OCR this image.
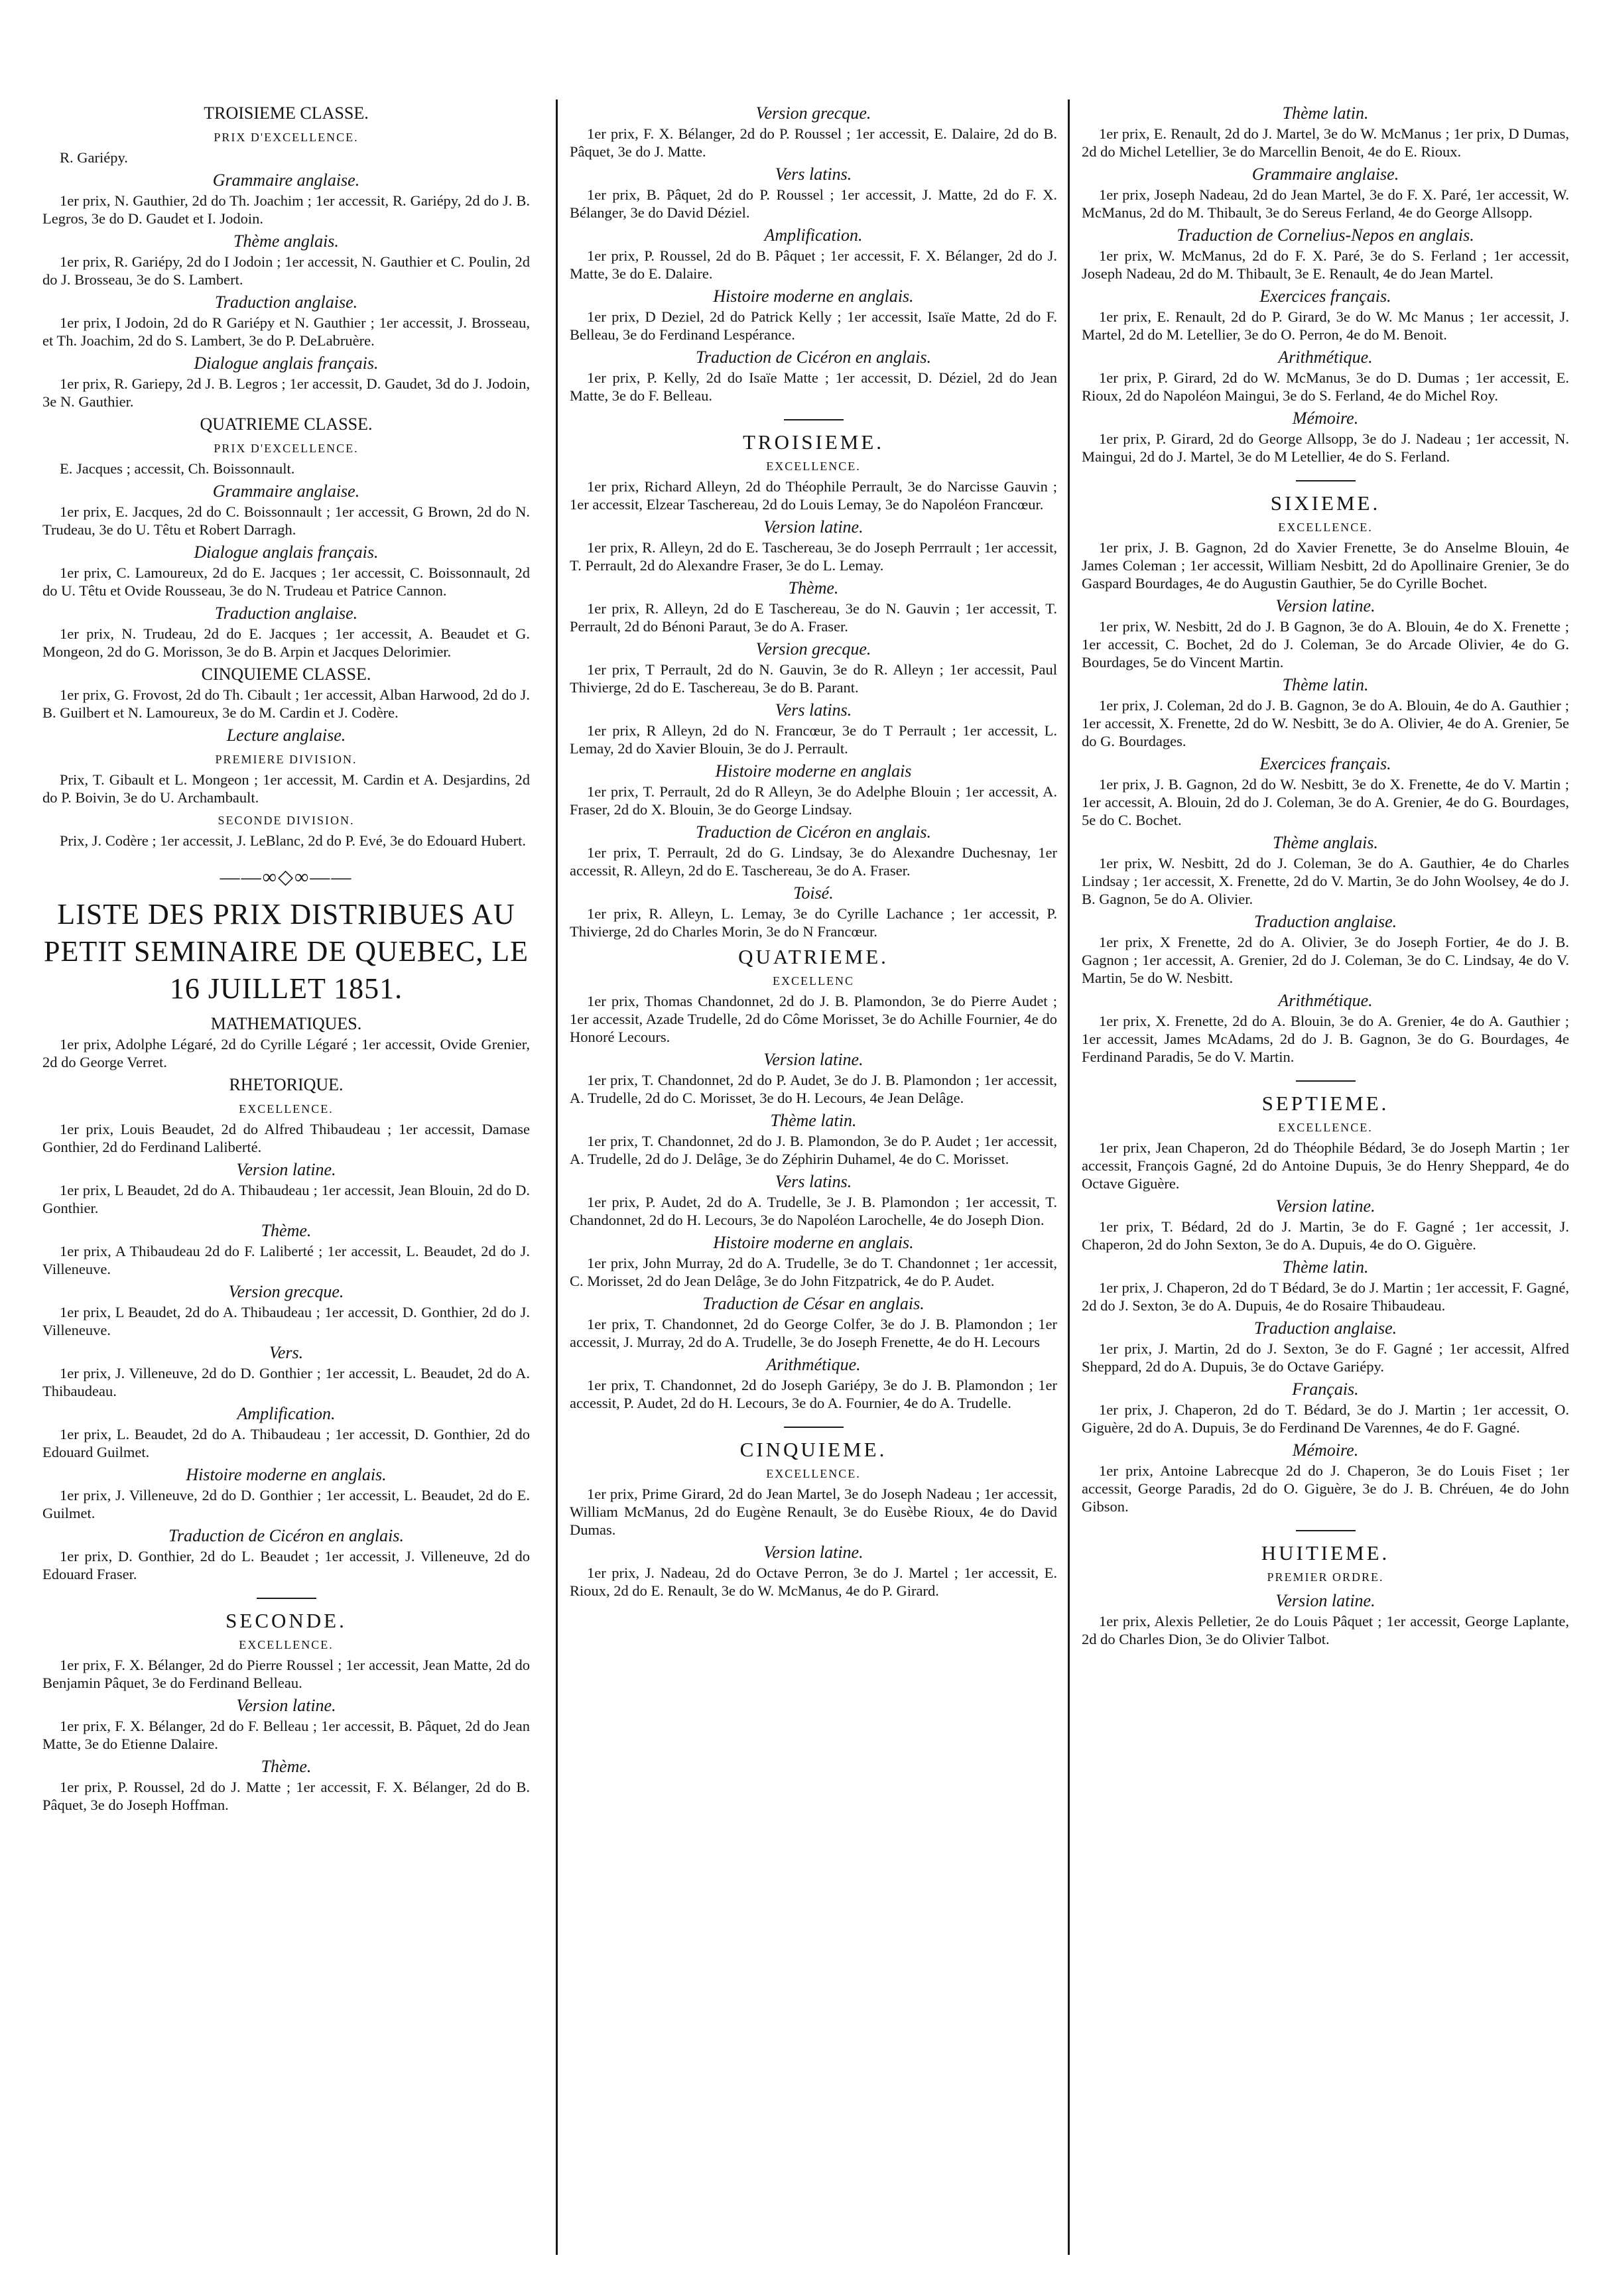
TROISIEME CLASSE.
PRIX D'EXCELLENCE.

R. Gariépy.

Grammaire anglaise.

1er prix, N. Gauthier, 2d do Th. Joachim ; 1er accessit, R. Gariépy, 2d do J. B. Legros, 3e do D. Gaudet et I. Jodoin.

Thème anglais.

1er prix, R. Gariépy, 2d do I Jodoin ; 1er accessit, N. Gauthier et C. Poulin, 2d do J. Brosseau, 3e do S. Lambert.

Traduction anglaise.

1er prix, I Jodoin, 2d do R Gariépy et N. Gauthier ; 1er accessit, J. Brosseau, et Th. Joachim, 2d do S. Lambert, 3e do P. DeLabruère.

Dialogue anglais français.

1er prix, R. Gariepy, 2d J. B. Legros ; 1er accessit, D. Gaudet, 3d do J. Jodoin, 3e N. Gauthier.

QUATRIEME CLASSE.
PRIX D'EXCELLENCE.

E. Jacques ; accessit, Ch. Boissonnault.

Grammaire anglaise.

1er prix, E. Jacques, 2d do C. Boissonnault ; 1er accessit, G Brown, 2d do N. Trudeau, 3e do U. Têtu et Robert Darragh.

Dialogue anglais français.

1er prix, C. Lamoureux, 2d do E. Jacques ; 1er accessit, C. Boissonnault, 2d do U. Têtu et Ovide Rousseau, 3e do N. Trudeau et Patrice Cannon.

Traduction anglaise.

1er prix, N. Trudeau, 2d do E. Jacques ; 1er accessit, A. Beaudet et G. Mongeon, 2d do G. Morisson, 3e do B. Arpin et Jacques Delorimier.

CINQUIEME CLASSE.

1er prix, G. Frovost, 2d do Th. Cibault ; 1er accessit, Alban Harwood, 2d do J. B. Guilbert et N. Lamoureux, 3e do M. Cardin et J. Codère.

Lecture anglaise.
PREMIERE DIVISION.

Prix, T. Gibault et L. Mongeon ; 1er accessit, M. Cardin et A. Desjardins, 2d do P. Boivin, 3e do U. Archambault.

SECONDE DIVISION.

Prix, J. Codère ; 1er accessit, J. LeBlanc, 2d do P. Evé, 3e do Edouard Hubert.

——∞◇∞——
LISTE DES PRIX DISTRIBUES AU PETIT SEMINAIRE DE QUEBEC, LE 16 JUILLET 1851.
MATHEMATIQUES.

1er prix, Adolphe Légaré, 2d do Cyrille Légaré ; 1er accessit, Ovide Grenier, 2d do George Verret.

RHETORIQUE.
EXCELLENCE.

1er prix, Louis Beaudet, 2d do Alfred Thibaudeau ; 1er accessit, Damase Gonthier, 2d do Ferdinand Laliberté.

Version latine.

1er prix, L Beaudet, 2d do A. Thibaudeau ; 1er accessit, Jean Blouin, 2d do D. Gonthier.

Thème.

1er prix, A Thibaudeau 2d do F. Laliberté ; 1er accessit, L. Beaudet, 2d do J. Villeneuve.

Version grecque.

1er prix, L Beaudet, 2d do A. Thibaudeau ; 1er accessit, D. Gonthier, 2d do J. Villeneuve.

Vers.

1er prix, J. Villeneuve, 2d do D. Gonthier ; 1er accessit, L. Beaudet, 2d do A. Thibaudeau.

Amplification.

1er prix, L. Beaudet, 2d do A. Thibaudeau ; 1er accessit, D. Gonthier, 2d do Edouard Guilmet.

Histoire moderne en anglais.

1er prix, J. Villeneuve, 2d do D. Gonthier ; 1er accessit, L. Beaudet, 2d do E. Guilmet.

Traduction de Cicéron en anglais.

1er prix, D. Gonthier, 2d do L. Beaudet ; 1er accessit, J. Villeneuve, 2d do Edouard Fraser.

SECONDE.
EXCELLENCE.

1er prix, F. X. Bélanger, 2d do Pierre Roussel ; 1er accessit, Jean Matte, 2d do Benjamin Pâquet, 3e do Ferdinand Belleau.

Version latine.

1er prix, F. X. Bélanger, 2d do F. Belleau ; 1er accessit, B. Pâquet, 2d do Jean Matte, 3e do Etienne Dalaire.

Thème.

1er prix, P. Roussel, 2d do J. Matte ; 1er accessit, F. X. Bélanger, 2d do B. Pâquet, 3e do Joseph Hoffman.

Version grecque.

1er prix, F. X. Bélanger, 2d do P. Roussel ; 1er accessit, E. Dalaire, 2d do B. Pâquet, 3e do J. Matte.

Vers latins.

1er prix, B. Pâquet, 2d do P. Roussel ; 1er accessit, J. Matte, 2d do F. X. Bélanger, 3e do David Déziel.

Amplification.

1er prix, P. Roussel, 2d do B. Pâquet ; 1er accessit, F. X. Bélanger, 2d do J. Matte, 3e do E. Dalaire.

Histoire moderne en anglais.

1er prix, D Deziel, 2d do Patrick Kelly ; 1er accessit, Isaïe Matte, 2d do F. Belleau, 3e do Ferdinand Lespérance.

Traduction de Cicéron en anglais.

1er prix, P. Kelly, 2d do Isaïe Matte ; 1er accessit, D. Déziel, 2d do Jean Matte, 3e do F. Belleau.

TROISIEME.
EXCELLENCE.

1er prix, Richard Alleyn, 2d do Théophile Perrault, 3e do Narcisse Gauvin ; 1er accessit, Elzear Taschereau, 2d do Louis Lemay, 3e do Napoléon Francœur.

Version latine.

1er prix, R. Alleyn, 2d do E. Taschereau, 3e do Joseph Perrrault ; 1er accessit, T. Perrault, 2d do Alexandre Fraser, 3e do L. Lemay.

Thème.

1er prix, R. Alleyn, 2d do E Taschereau, 3e do N. Gauvin ; 1er accessit, T. Perrault, 2d do Bénoni Paraut, 3e do A. Fraser.

Version grecque.

1er prix, T Perrault, 2d do N. Gauvin, 3e do R. Alleyn ; 1er accessit, Paul Thivierge, 2d do E. Taschereau, 3e do B. Parant.

Vers latins.

1er prix, R Alleyn, 2d do N. Francœur, 3e do T Perrault ; 1er accessit, L. Lemay, 2d do Xavier Blouin, 3e do J. Perrault.

Histoire moderne en anglais

1er prix, T. Perrault, 2d do R Alleyn, 3e do Adelphe Blouin ; 1er accessit, A. Fraser, 2d do X. Blouin, 3e do George Lindsay.

Traduction de Cicéron en anglais.

1er prix, T. Perrault, 2d do G. Lindsay, 3e do Alexandre Duchesnay, 1er accessit, R. Alleyn, 2d do E. Taschereau, 3e do A. Fraser.

Toisé.

1er prix, R. Alleyn, L. Lemay, 3e do Cyrille Lachance ; 1er accessit, P. Thivierge, 2d do Charles Morin, 3e do N Francœur.

QUATRIEME.
EXCELLENC

1er prix, Thomas Chandonnet, 2d do J. B. Plamondon, 3e do Pierre Audet ; 1er accessit, Azade Trudelle, 2d do Côme Morisset, 3e do Achille Fournier, 4e do Honoré Lecours.

Version latine.

1er prix, T. Chandonnet, 2d do P. Audet, 3e do J. B. Plamondon ; 1er accessit, A. Trudelle, 2d do C. Morisset, 3e do H. Lecours, 4e Jean Delâge.

Thème latin.

1er prix, T. Chandonnet, 2d do J. B. Plamondon, 3e do P. Audet ; 1er accessit, A. Trudelle, 2d do J. Delâge, 3e do Zéphirin Duhamel, 4e do C. Morisset.

Vers latins.

1er prix, P. Audet, 2d do A. Trudelle, 3e J. B. Plamondon ; 1er accessit, T. Chandonnet, 2d do H. Lecours, 3e do Napoléon Larochelle, 4e do Joseph Dion.

Histoire moderne en anglais.

1er prix, John Murray, 2d do A. Trudelle, 3e do T. Chandonnet ; 1er accessit, C. Morisset, 2d do Jean Delâge, 3e do John Fitzpatrick, 4e do P. Audet.

Traduction de César en anglais.

1er prix, T. Chandonnet, 2d do George Colfer, 3e do J. B. Plamondon ; 1er accessit, J. Murray, 2d do A. Trudelle, 3e do Joseph Frenette, 4e do H. Lecours

Arithmétique.

1er prix, T. Chandonnet, 2d do Joseph Gariépy, 3e do J. B. Plamondon ; 1er accessit, P. Audet, 2d do H. Lecours, 3e do A. Fournier, 4e do A. Trudelle.

CINQUIEME.
EXCELLENCE.

1er prix, Prime Girard, 2d do Jean Martel, 3e do Joseph Nadeau ; 1er accessit, William McManus, 2d do Eugène Renault, 3e do Eusèbe Rioux, 4e do David Dumas.

Version latine.

1er prix, J. Nadeau, 2d do Octave Perron, 3e do J. Martel ; 1er accessit, E. Rioux, 2d do E. Renault, 3e do W. McManus, 4e do P. Girard.

Thème latin.

1er prix, E. Renault, 2d do J. Martel, 3e do W. McManus ; 1er prix, D Dumas, 2d do Michel Letellier, 3e do Marcellin Benoit, 4e do E. Rioux.

Grammaire anglaise.

1er prix, Joseph Nadeau, 2d do Jean Martel, 3e do F. X. Paré, 1er accessit, W. McManus, 2d do M. Thibault, 3e do Sereus Ferland, 4e do George Allsopp.

Traduction de Cornelius-Nepos en anglais.

1er prix, W. McManus, 2d do F. X. Paré, 3e do S. Ferland ; 1er accessit, Joseph Nadeau, 2d do M. Thibault, 3e E. Renault, 4e do Jean Martel.

Exercices français.

1er prix, E. Renault, 2d do P. Girard, 3e do W. Mc Manus ; 1er accessit, J. Martel, 2d do M. Letellier, 3e do O. Perron, 4e do M. Benoit.

Arithmétique.

1er prix, P. Girard, 2d do W. McManus, 3e do D. Dumas ; 1er accessit, E. Rioux, 2d do Napoléon Maingui, 3e do S. Ferland, 4e do Michel Roy.

Mémoire.

1er prix, P. Girard, 2d do George Allsopp, 3e do J. Nadeau ; 1er accessit, N. Maingui, 2d do J. Martel, 3e do M Letellier, 4e do S. Ferland.

SIXIEME.
EXCELLENCE.

1er prix, J. B. Gagnon, 2d do Xavier Frenette, 3e do Anselme Blouin, 4e James Coleman ; 1er accessit, William Nesbitt, 2d do Apollinaire Grenier, 3e do Gaspard Bourdages, 4e do Augustin Gauthier, 5e do Cyrille Bochet.

Version latine.

1er prix, W. Nesbitt, 2d do J. B Gagnon, 3e do A. Blouin, 4e do X. Frenette ; 1er accessit, C. Bochet, 2d do J. Coleman, 3e do Arcade Olivier, 4e do G. Bourdages, 5e do Vincent Martin.

Thème latin.

1er prix, J. Coleman, 2d do J. B. Gagnon, 3e do A. Blouin, 4e do A. Gauthier ; 1er accessit, X. Frenette, 2d do W. Nesbitt, 3e do A. Olivier, 4e do A. Grenier, 5e do G. Bourdages.

Exercices français.

1er prix, J. B. Gagnon, 2d do W. Nesbitt, 3e do X. Frenette, 4e do V. Martin ; 1er accessit, A. Blouin, 2d do J. Coleman, 3e do A. Grenier, 4e do G. Bourdages, 5e do C. Bochet.

Thème anglais.

1er prix, W. Nesbitt, 2d do J. Coleman, 3e do A. Gauthier, 4e do Charles Lindsay ; 1er accessit, X. Frenette, 2d do V. Martin, 3e do John Woolsey, 4e do J. B. Gagnon, 5e do A. Olivier.

Traduction anglaise.

1er prix, X Frenette, 2d do A. Olivier, 3e do Joseph Fortier, 4e do J. B. Gagnon ; 1er accessit, A. Grenier, 2d do J. Coleman, 3e do C. Lindsay, 4e do V. Martin, 5e do W. Nesbitt.

Arithmétique.

1er prix, X. Frenette, 2d do A. Blouin, 3e do A. Grenier, 4e do A. Gauthier ; 1er accessit, James McAdams, 2d do J. B. Gagnon, 3e do G. Bourdages, 4e Ferdinand Paradis, 5e do V. Martin.

SEPTIEME.
EXCELLENCE.

1er prix, Jean Chaperon, 2d do Théophile Bédard, 3e do Joseph Martin ; 1er accessit, François Gagné, 2d do Antoine Dupuis, 3e do Henry Sheppard, 4e do Octave Giguère.

Version latine.

1er prix, T. Bédard, 2d do J. Martin, 3e do F. Gagné ; 1er accessit, J. Chaperon, 2d do John Sexton, 3e do A. Dupuis, 4e do O. Giguère.

Thème latin.

1er prix, J. Chaperon, 2d do T Bédard, 3e do J. Martin ; 1er accessit, F. Gagné, 2d do J. Sexton, 3e do A. Dupuis, 4e do Rosaire Thibaudeau.

Traduction anglaise.

1er prix, J. Martin, 2d do J. Sexton, 3e do F. Gagné ; 1er accessit, Alfred Sheppard, 2d do A. Dupuis, 3e do Octave Gariépy.

Français.

1er prix, J. Chaperon, 2d do T. Bédard, 3e do J. Martin ; 1er accessit, O. Giguère, 2d do A. Dupuis, 3e do Ferdinand De Varennes, 4e do F. Gagné.

Mémoire.

1er prix, Antoine Labrecque 2d do J. Chaperon, 3e do Louis Fiset ; 1er accessit, George Paradis, 2d do O. Giguère, 3e do J. B. Chréuen, 4e do John Gibson.

HUITIEME.
PREMIER ORDRE.
Version latine.

1er prix, Alexis Pelletier, 2e do Louis Pâquet ; 1er accessit, George Laplante, 2d do Charles Dion, 3e do Olivier Talbot.
